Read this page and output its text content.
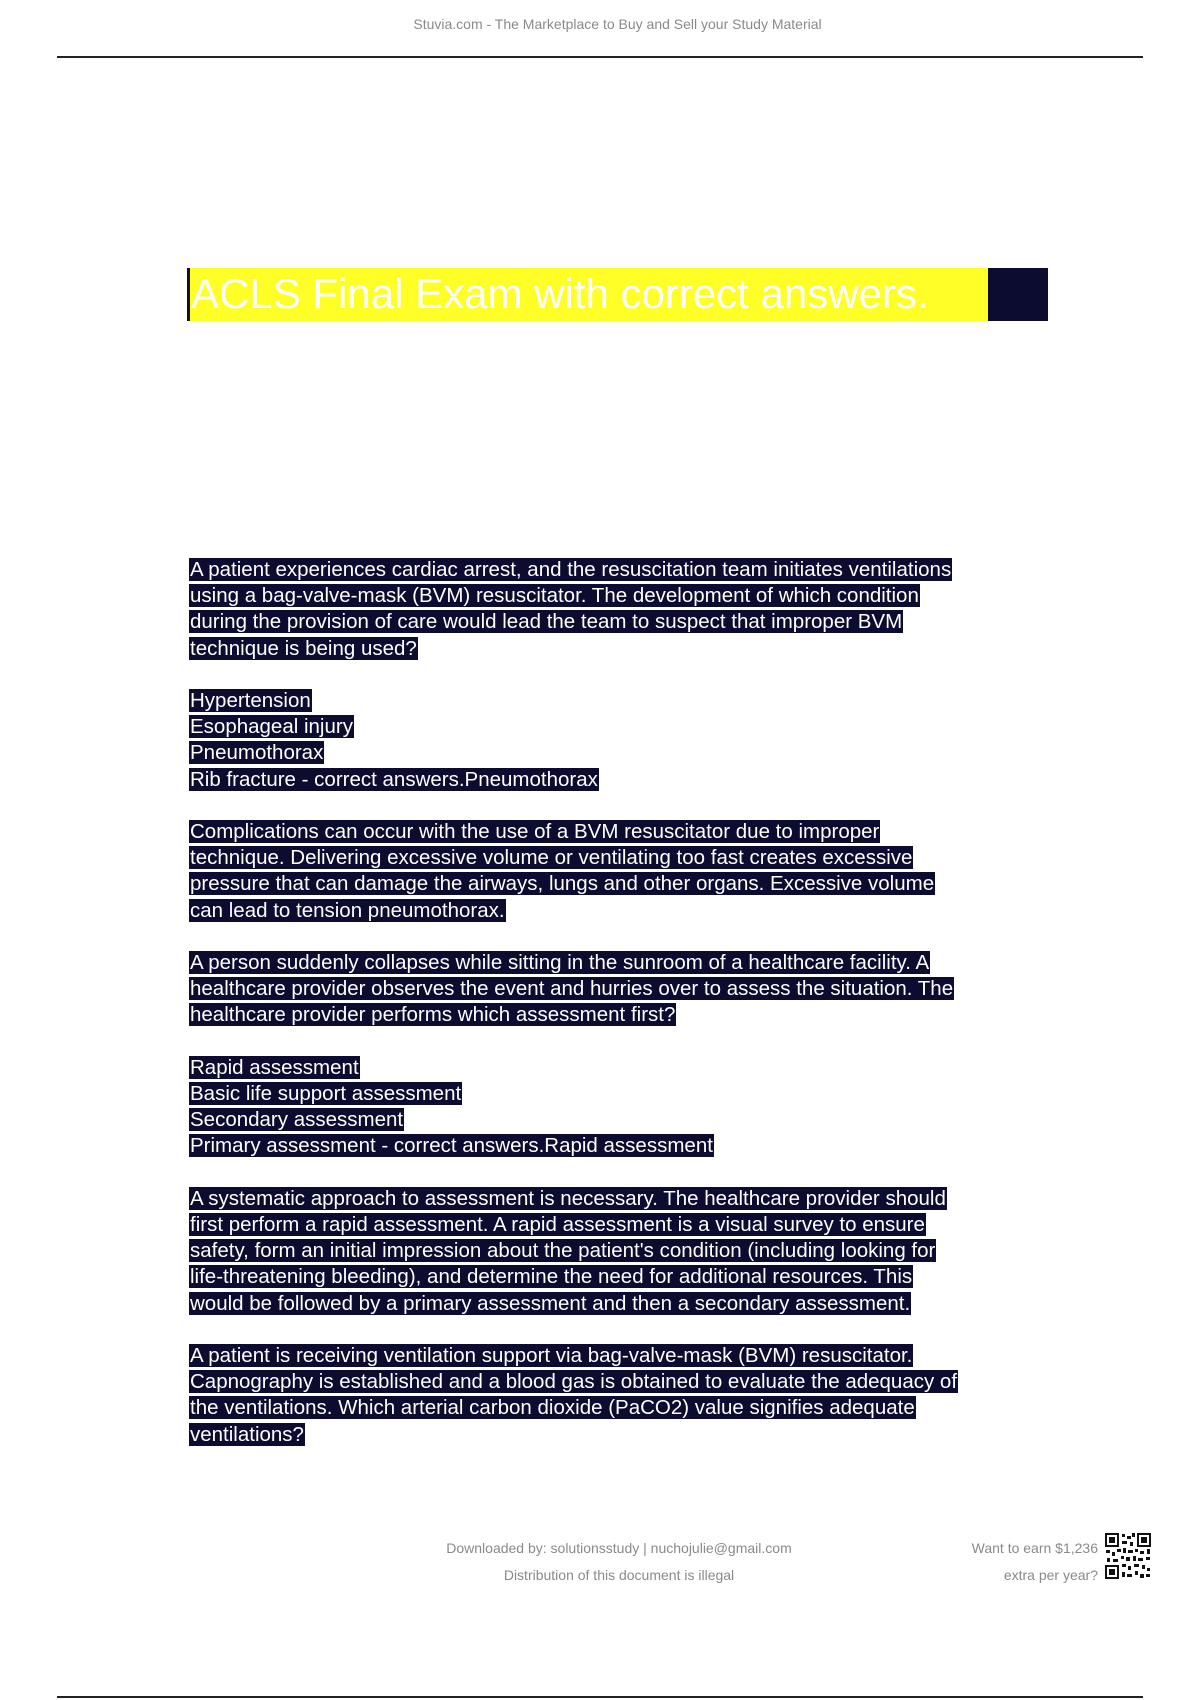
Stuvia.com - The Marketplace to Buy and Sell your Study Material
ACLS Final Exam with correct answers.
A patient experiences cardiac arrest, and the resuscitation team initiates ventilations
using a bag-valve-mask (BVM) resuscitator. The development of which condition
during the provision of care would lead the team to suspect that improper BVM
technique is being used?
Hypertension
Esophageal injury
Pneumothorax
Rib fracture - correct answers.Pneumothorax
Complications can occur with the use of a BVM resuscitator due to improper
technique. Delivering excessive volume or ventilating too fast creates excessive
pressure that can damage the airways, lungs and other organs. Excessive volume
can lead to tension pneumothorax.
A person suddenly collapses while sitting in the sunroom of a healthcare facility. A
healthcare provider observes the event and hurries over to assess the situation. The
healthcare provider performs which assessment first?
Rapid assessment
Basic life support assessment
Secondary assessment
Primary assessment - correct answers.Rapid assessment
A systematic approach to assessment is necessary. The healthcare provider should
first perform a rapid assessment. A rapid assessment is a visual survey to ensure
safety, form an initial impression about the patient's condition (including looking for
life-threatening bleeding), and determine the need for additional resources. This
would be followed by a primary assessment and then a secondary assessment.
A patient is receiving ventilation support via bag-valve-mask (BVM) resuscitator.
Capnography is established and a blood gas is obtained to evaluate the adequacy of
the ventilations. Which arterial carbon dioxide (PaCO2) value signifies adequate
ventilations?
Downloaded by: solutionsstudy | nuchojulie@gmail.com
Distribution of this document is illegal
Want to earn $1,236
extra per year?
